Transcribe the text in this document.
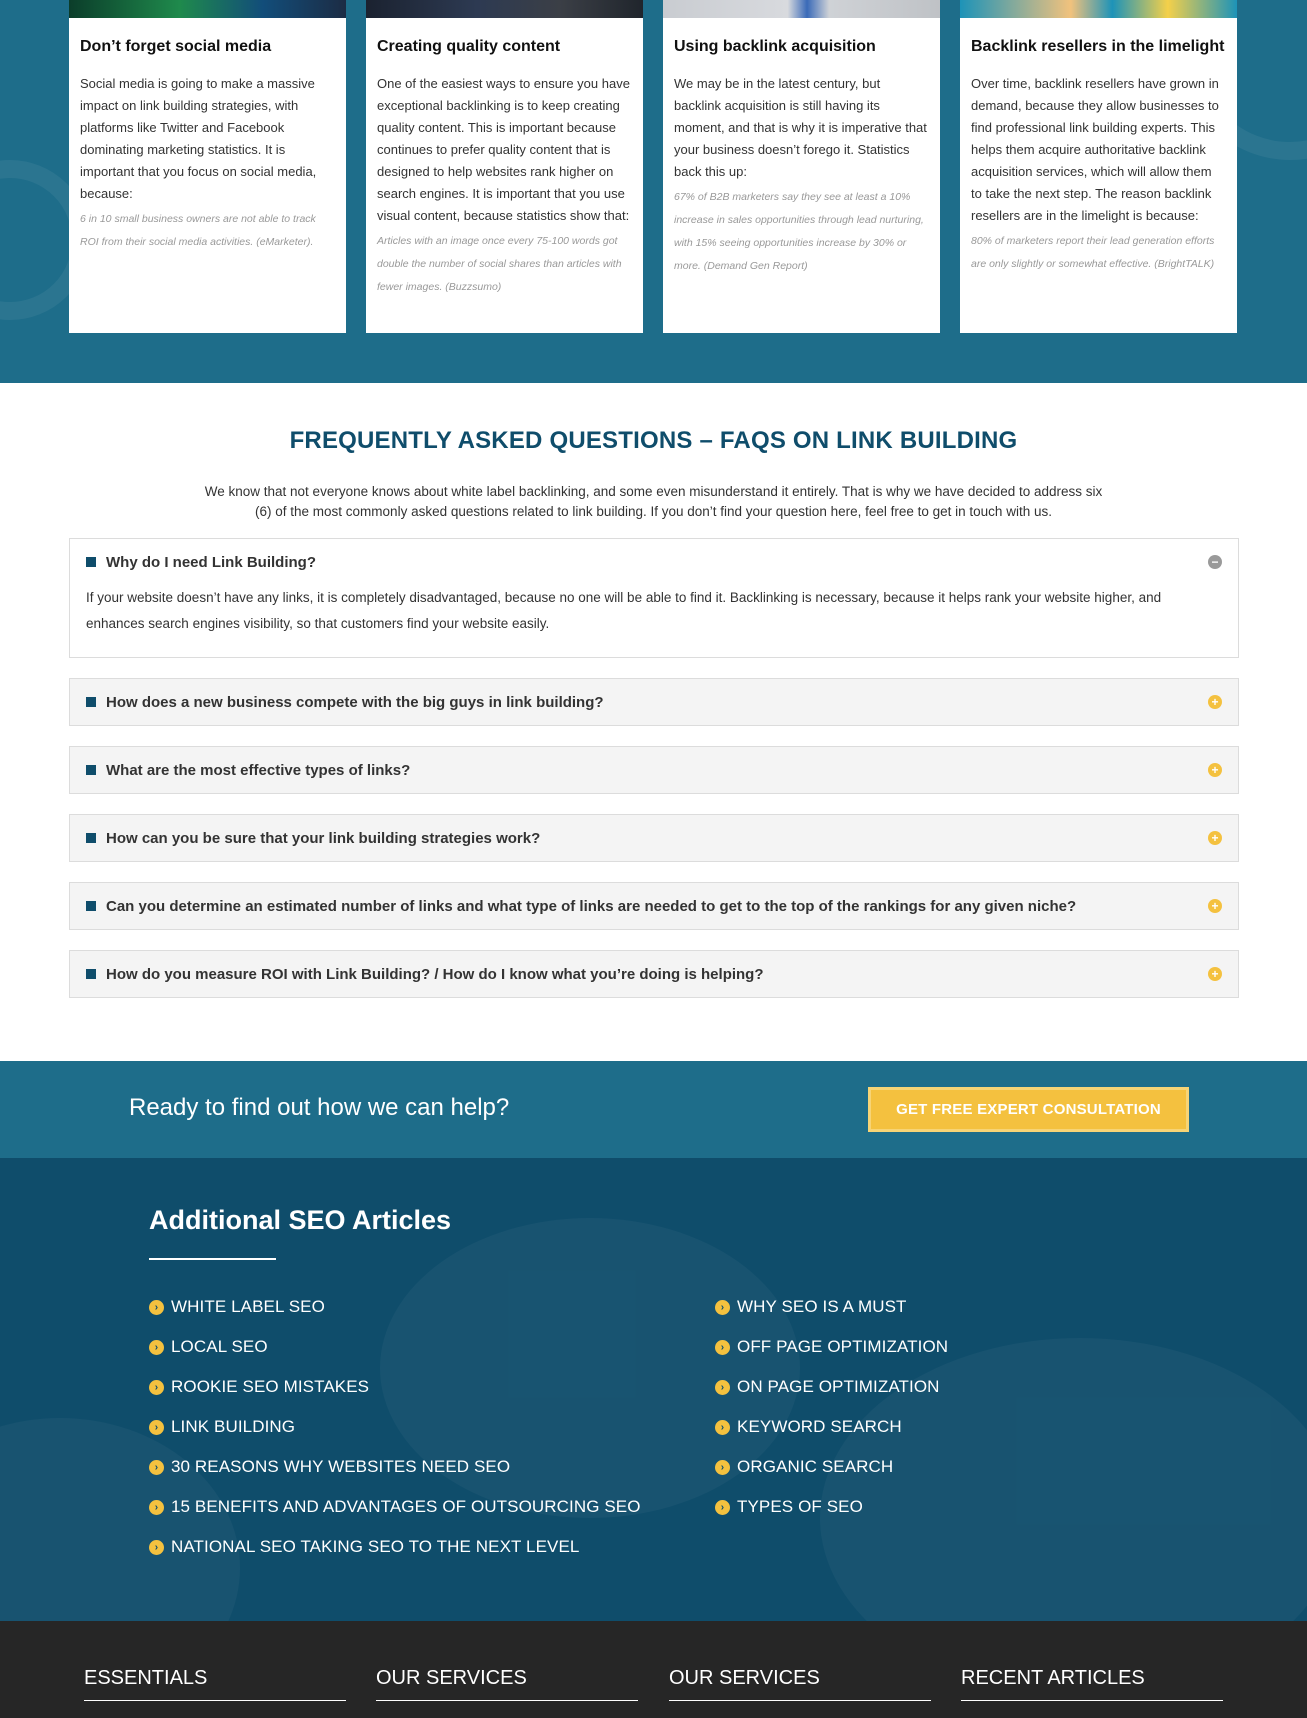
Don’t forget social media

Social media is going to make a massive impact on link building strategies, with platforms like Twitter and Facebook dominating marketing statistics. It is important that you focus on social media, because:

6 in 10 small business owners are not able to track ROI from their social media activities. (eMarketer).

Creating quality content

One of the easiest ways to ensure you have exceptional backlinking is to keep creating quality content. This is important because continues to prefer quality content that is designed to help websites rank higher on search engines. It is important that you use visual content, because statistics show that:

Articles with an image once every 75-100 words got double the number of social shares than articles with fewer images. (Buzzsumo)

Using backlink acquisition

We may be in the latest century, but backlink acquisition is still having its moment, and that is why it is imperative that your business doesn’t forego it. Statistics back this up:

67% of B2B marketers say they see at least a 10% increase in sales opportunities through lead nurturing, with 15% seeing opportunities increase by 30% or more. (Demand Gen Report)

Backlink resellers in the limelight

Over time, backlink resellers have grown in demand, because they allow businesses to find professional link building experts. This helps them acquire authoritative backlink acquisition services, which will allow them to take the next step. The reason backlink resellers are in the limelight is because:

80% of marketers report their lead generation efforts are only slightly or somewhat effective. (BrightTALK)

FREQUENTLY ASKED QUESTIONS – FAQS ON LINK BUILDING

We know that not everyone knows about white label backlinking, and some even misunderstand it entirely. That is why we have decided to address six (6) of the most commonly asked questions related to link building. If you don’t find your question here, feel free to get in touch with us.

Why do I need Link Building?	−
If your website doesn’t have any links, it is completely disadvantaged, because no one will be able to find it. Backlinking is necessary, because it helps rank your website higher, and enhances search engines visibility, so that customers find your website easily.
How does a new business compete with the big guys in link building?	+
What are the most effective types of links?	+
How can you be sure that your link building strategies work?	+
Can you determine an estimated number of links and what type of links are needed to get to the top of the rankings for any given niche?	+
How do you measure ROI with Link Building? / How do I know what you’re doing is helping?	+
Ready to find out how we can help?	GET FREE EXPERT CONSULTATION
Additional SEO Articles
› WHITE LABEL SEO
› LOCAL SEO
› ROOKIE SEO MISTAKES
› LINK BUILDING
› 30 REASONS WHY WEBSITES NEED SEO
› 15 BENEFITS AND ADVANTAGES OF OUTSOURCING SEO
› NATIONAL SEO TAKING SEO TO THE NEXT LEVEL
› WHY SEO IS A MUST
› OFF PAGE OPTIMIZATION
› ON PAGE OPTIMIZATION
› KEYWORD SEARCH
› ORGANIC SEARCH
› TYPES OF SEO
ESSENTIALS	OUR SERVICES	OUR SERVICES	RECENT ARTICLES
